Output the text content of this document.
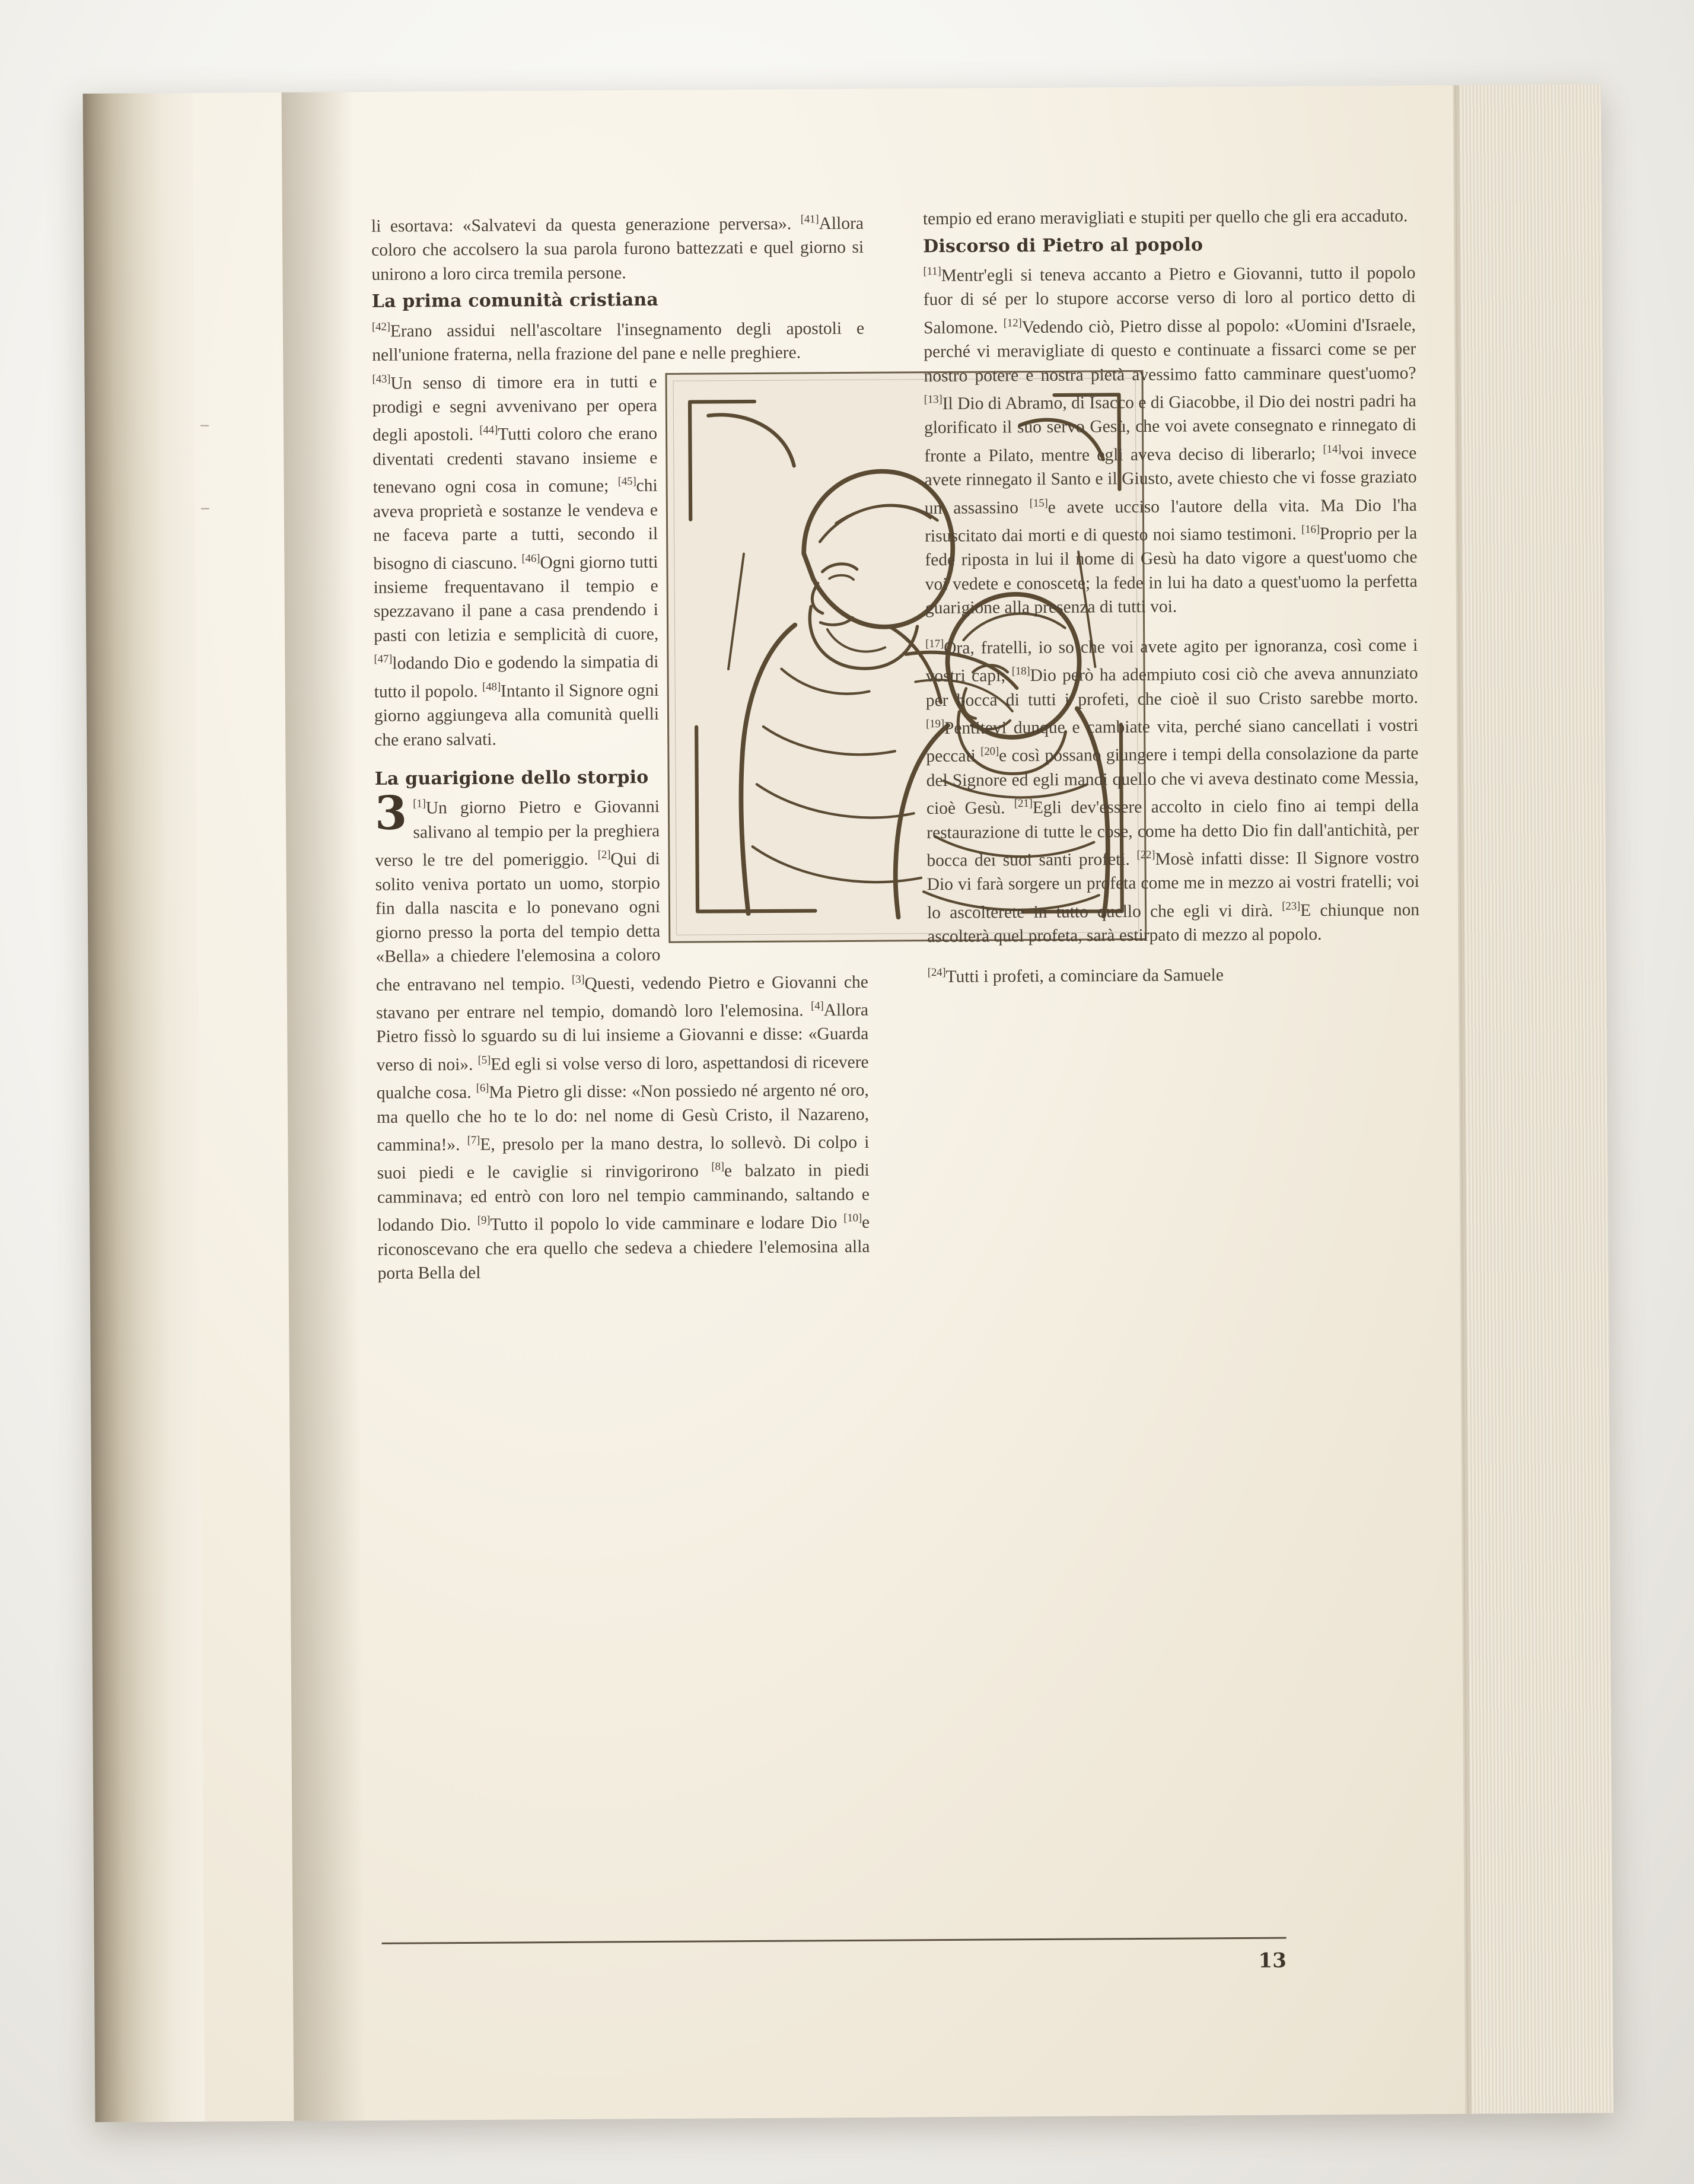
li esortava: «Salvatevi da questa generazione perversa». [41]Allora coloro che accolsero la sua parola furono battezzati e quel giorno si unirono a loro circa tremila persone.

La prima comunità cristiana

[42]Erano assidui nell'ascoltare l'insegnamento degli apostoli e nell'unione fraterna, nella frazione del pane e nelle preghiere.

[43]Un senso di timore era in tutti e prodigi e segni avvenivano per opera degli apostoli. [44]Tutti coloro che erano diventati credenti stavano insieme e tenevano ogni cosa in comune; [45]chi aveva proprietà e sostanze le vendeva e ne faceva parte a tutti, secondo il bisogno di ciascuno. [46]Ogni giorno tutti insieme frequentavano il tempio e spezzavano il pane a casa prendendo i pasti con letizia e semplicità di cuore, [47]lodando Dio e godendo la simpatia di tutto il popolo. [48]Intanto il Signore ogni giorno aggiungeva alla comunità quelli che erano salvati.

La guarigione dello storpio

3 [1]Un giorno Pietro e Giovanni salivano al tempio per la preghiera verso le tre del pomeriggio. [2]Qui di solito veniva portato un uomo, storpio fin dalla nascita e lo ponevano ogni giorno presso la porta del tempio detta «Bella» a chiedere l'elemosina a coloro che entravano nel tempio. [3]Questi, vedendo Pietro e Giovanni che stavano per entrare nel tempio, domandò loro l'elemosina. [4]Allora Pietro fissò lo sguardo su di lui insieme a Giovanni e disse: «Guarda verso di noi». [5]Ed egli si volse verso di loro, aspettandosi di ricevere qualche cosa. [6]Ma Pietro gli disse: «Non possiedo né argento né oro, ma quello che ho te lo do: nel nome di Gesù Cristo, il Nazareno, cammina!». [7]E, presolo per la mano destra, lo sollevò. Di colpo i suoi piedi e le caviglie si rinvigorirono [8]e balzato in piedi camminava; ed entrò con loro nel tempio camminando, saltando e lodando Dio. [9]Tutto il popolo lo vide camminare e lodare Dio [10]e riconoscevano che era quello che sedeva a chiedere l'elemosina alla porta Bella del

tempio ed erano meravigliati e stupiti per quello che gli era accaduto.

Discorso di Pietro al popolo

[11]Mentr'egli si teneva accanto a Pietro e Giovanni, tutto il popolo fuor di sé per lo stupore accorse verso di loro al portico detto di Salomone. [12]Vedendo ciò, Pietro disse al popolo: «Uomini d'Israele, perché vi meravigliate di questo e continuate a fissarci come se per nostro potere e nostra pietà avessimo fatto camminare quest'uomo? [13]Il Dio di Abramo, di Isacco e di Giacobbe, il Dio dei nostri padri ha glorificato il suo servo Gesù, che voi avete consegnato e rinnegato di fronte a Pilato, mentre egli aveva deciso di liberarlo; [14]voi invece avete rinnegato il Santo e il Giusto, avete chiesto che vi fosse graziato un assassino [15]e avete ucciso l'autore della vita. Ma Dio l'ha risuscitato dai morti e di questo noi siamo testimoni. [16]Proprio per la fede riposta in lui il nome di Gesù ha dato vigore a quest'uomo che voi vedete e conoscete; la fede in lui ha dato a quest'uomo la perfetta guarigione alla presenza di tutti voi.

[17]Ora, fratelli, io so che voi avete agito per ignoranza, così come i vostri capi; [18]Dio però ha adempiuto cosi ciò che aveva annunziato per bocca di tutti i profeti, che cioè il suo Cristo sarebbe morto. [19]Pentitevi dunque e cambiate vita, perché siano cancellati i vostri peccati [20]e così possano giungere i tempi della consolazione da parte del Signore ed egli mandi quello che vi aveva destinato come Messia, cioè Gesù. [21]Egli dev'essere accolto in cielo fino ai tempi della restaurazione di tutte le cose, come ha detto Dio fin dall'antichità, per bocca dei suoi santi profeti. [22]Mosè infatti disse: Il Signore vostro Dio vi farà sorgere un profeta come me in mezzo ai vostri fratelli; voi lo ascolterete in tutto quello che egli vi dirà. [23]E chiunque non ascolterà quel profeta, sarà estirpato di mezzo al popolo.

[24]Tutti i profeti, a cominciare da Samuele

13
